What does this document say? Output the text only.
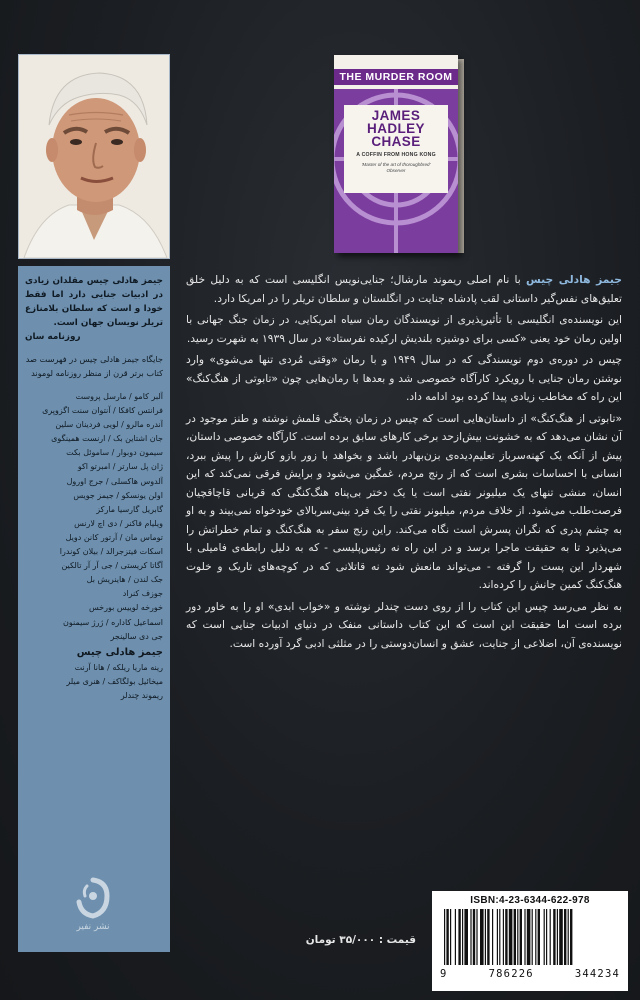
جیمز هادلی چیس مقلدان زیادی در ادبیات جنایی دارد اما فقط خودا و است که سلطان بلامنازع تریلر نویسان جهان است.
روزنامه سان

جایگاه جیمز هادلی چیس در فهرست صد کتاب برتر قرن از منظر روزنامه لوموند

آلبر کامو / مارسل پروست
فرانتس کافکا / آنتوان سنت اگزوپری
آندره مالرو / لویی فردینان سلین
جان اشتاین بک / ارنست همینگوی
سیمون دوبوار / ساموئل بکت
ژان پل سارتر / امبرتو اکو
آلدوس هاکسلی / جرج اورول
اولن یونسکو / جیمز جویس
گابریل گارسیا مارکز
ویلیام فاکنر / دی اچ لارنس
توماس مان / آرتور کانن دویل
اسکات فیتزجرالد / بیلان کوندرا
آگاتا کریستی / جی آر آر تالکین
جک لندن / هاینریش بل
جوزف کنراد
خورخه لوییس بورخس
اسماعیل کاداره / ژرژ سیمنون
جی دی سالینجر
جیمز هادلی چیس
رینه ماریا ریلکه / هانا آرنت
میخائیل بولگاکف / هنری میلر
ریموند چندلر
نشر نفیر
THE MURDER ROOM
JAMES
HADLEY
CHASE
A COFFIN FROM HONG KONG
'Master of the art of thoroughbred'
Observer

جیمز هادلی چیس با نام اصلی ریموند مارشال؛ جنایی‌نویس انگلیسی است که به دلیل خلق تعلیق‌های نفس‌گیر داستانی لقب پادشاه جنایت در انگلستان و سلطان تریلر را در امریکا دارد.

این نویسنده‌ی انگلیسی با تأثیرپذیری از نویسندگان رمان سیاه امریکایی، در زمان جنگ جهانی با اولین رمان خود یعنی «کسی برای دوشیزه بلندیش ارکیده نفرستاد» در سال ۱۹۳۹ به شهرت رسید.

چیس در دوره‌ی دوم نویسندگی که در سال ۱۹۴۹ و با رمان «وقتی مُردی تنها می‌شوی» وارد نوشتن رمان جنایی با رویکرد کارآگاه خصوصی شد و بعدها با رمان‌هایی چون «تابوتی از هنگ‌کنگ» این راه که مخاطب زیادی پیدا کرده بود ادامه داد.

«تابوتی از هنگ‌کنگ» از داستان‌هایی است که چیس در زمان پختگی قلمش نوشته و طنز موجود در آن نشان می‌دهد که به خشونت بیش‌ازحد برخی کارهای سابق برده است. کارآگاه خصوصی داستان، پیش از آنکه یک کهنه‌سرباز تعلیم‌دیده‌ی بزن‌بهادر باشد و بخواهد با زور بازو کارش را پیش ببرد، انسانی با احساسات بشری است که از رنج مردم، غمگین می‌شود و برایش فرقی نمی‌کند که این انسان، منشی تنهای یک میلیونر نفتی است یا یک دختر بی‌پناه هنگ‌کنگی که قربانی قاچاقچیان فرصت‌طلب می‌شود. از خلاف مردم، میلیونر نفتی را یک فرد بینی‌سربالای خودخواه نمی‌بیند و به او به چشم پدری که نگران پسرش است نگاه می‌کند. راین رنج سفر به هنگ‌کنگ و تمام خطراتش را می‌پذیرد تا به حقیقت ماجرا برسد و در این راه نه رئیس‌پلیسی - که به دلیل رابطه‌ی فامیلی با شهردار این پست را گرفته - می‌تواند مانعش شود نه قاتلانی که در کوچه‌های تاریک و خلوت هنگ‌کنگ کمین جانش را کرده‌اند.

به نظر می‌رسد چیس این کتاب را از روی دست چندلر نوشته و «خواب ابدی» او را به خاور دور برده است اما حقیقت این است که این کتاب داستانی منفک در دنیای ادبیات جنایی است که نویسنده‌ی آن، اضلاعی از جنایت، عشق و انسان‌دوستی را در مثلثی ادبی گرد آورده است.

قیمت : ۳۵/۰۰۰ تومان
ISBN:4-23-6344-622-978
9	786226	344234
